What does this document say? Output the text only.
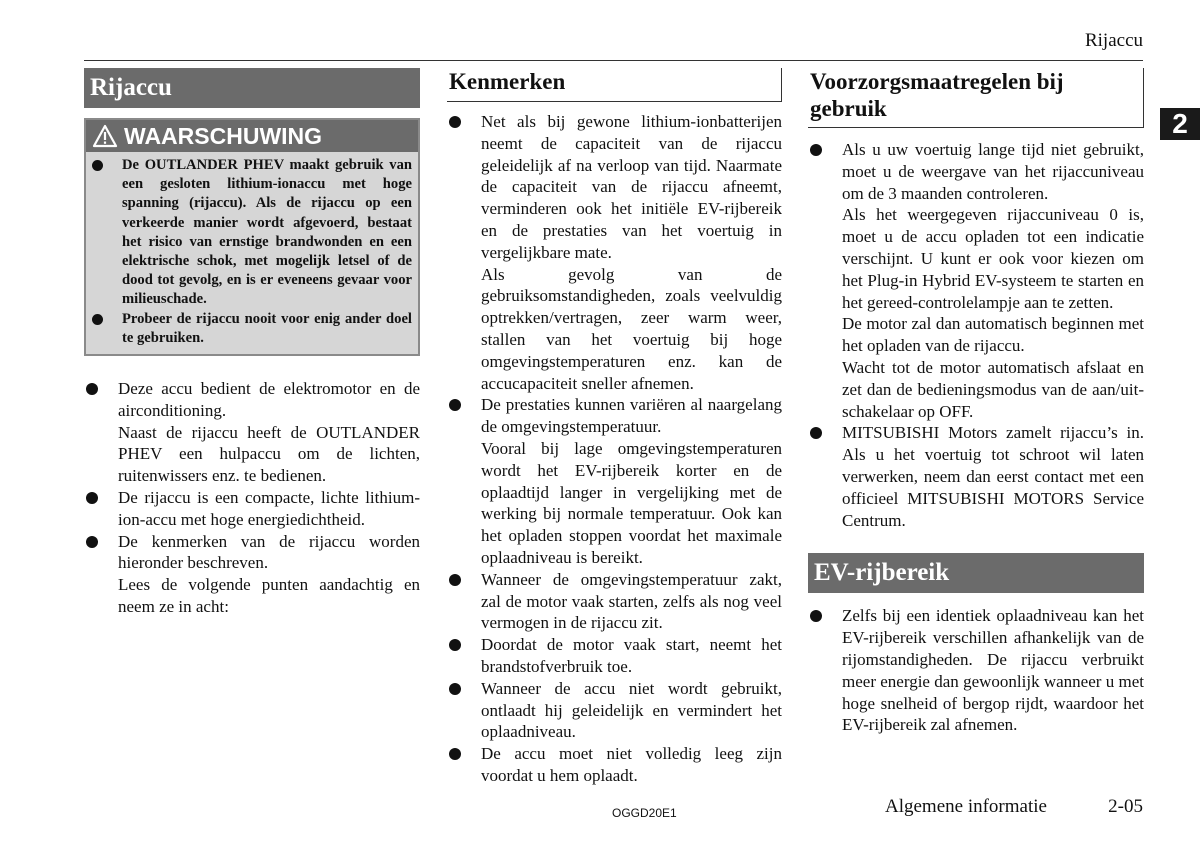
Rijaccu
2
Rijaccu
WAARSCHUWING
De OUTLANDER PHEV maakt gebruik van een gesloten lithium-ionaccu met hoge spanning (rijaccu). Als de rijaccu op een verkeerde manier wordt afgevoerd, bestaat het risico van ernstige brandwonden en een elektrische schok, met mogelijk letsel of de dood tot gevolg, en is er eveneens gevaar voor milieuschade.
Probeer de rijaccu nooit voor enig ander doel te gebruiken.
Deze accu bedient de elektromotor en de airconditioning.
Naast de rijaccu heeft de OUTLANDER PHEV een hulpaccu om de lichten, ruitenwissers enz. te bedienen.
De rijaccu is een compacte, lichte lithium-ion-accu met hoge energiedichtheid.
De kenmerken van de rijaccu worden hieronder beschreven.
Lees de volgende punten aandachtig en neem ze in acht:
Kenmerken
Net als bij gewone lithium-ionbatterijen neemt de capaciteit van de rijaccu geleidelijk af na verloop van tijd. Naarmate de capaciteit van de rijaccu afneemt, verminderen ook het initiële EV-rijbereik en de prestaties van het voertuig in vergelijkbare mate.
Als gevolg van de gebruiksomstandigheden, zoals veelvuldig optrekken/vertragen, zeer warm weer, stallen van het voertuig bij hoge omgevingstemperaturen enz. kan de accucapaciteit sneller afnemen.
De prestaties kunnen variëren al naargelang de omgevingstemperatuur.
Vooral bij lage omgevingstemperaturen wordt het EV-rijbereik korter en de oplaadtijd langer in vergelijking met de werking bij normale temperatuur. Ook kan het opladen stoppen voordat het maximale oplaadniveau is bereikt.
Wanneer de omgevingstemperatuur zakt, zal de motor vaak starten, zelfs als nog veel vermogen in de rijaccu zit.
Doordat de motor vaak start, neemt het brandstofverbruik toe.
Wanneer de accu niet wordt gebruikt, ontlaadt hij geleidelijk en vermindert het oplaadniveau.
De accu moet niet volledig leeg zijn voordat u hem oplaadt.
Voorzorgsmaatregelen bij gebruik
Als u uw voertuig lange tijd niet gebruikt, moet u de weergave van het rijaccuniveau om de 3 maanden controleren.
Als het weergegeven rijaccuniveau 0 is, moet u de accu opladen tot een indicatie verschijnt. U kunt er ook voor kiezen om het Plug-in Hybrid EV-systeem te starten en het gereed-controlelampje aan te zetten.
De motor zal dan automatisch beginnen met het opladen van de rijaccu.
Wacht tot de motor automatisch afslaat en zet dan de bedieningsmodus van de aan/uit-schakelaar op OFF.
MITSUBISHI Motors zamelt rijaccu’s in. Als u het voertuig tot schroot wil laten verwerken, neem dan eerst contact met een officieel MITSUBISHI MOTORS Service Centrum.
EV-rijbereik
Zelfs bij een identiek oplaadniveau kan het EV-rijbereik verschillen afhankelijk van de rijomstandigheden. De rijaccu verbruikt meer energie dan gewoonlijk wanneer u met hoge snelheid of bergop rijdt, waardoor het EV-rijbereik zal afnemen.
OGGD20E1	Algemene informatie	2-05
